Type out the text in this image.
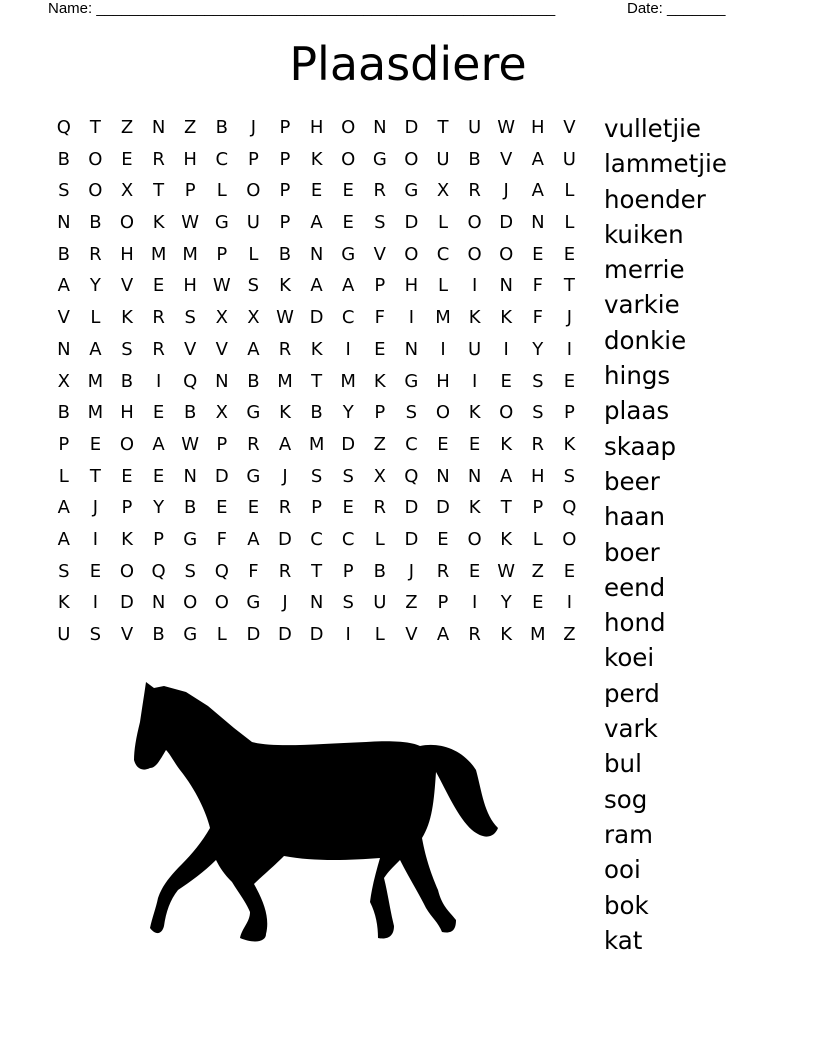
Name: _______________________________________________________	Date: _______
Plaasdiere
Q	T	Z	N	Z	B	J	P	H O N D	T	U W H	V
B	O	E	R	H	C	P	P	K	O G O U	B	V	A	U
S	O	X	T	P	L	O	P	E	E	R	G	X	R	J	A	L
N	B	O	K W G	U	P	A	E	S	D	L	O D N	L
B	R	H M M	P	L	B	N G	V	O	C	O O	E	E
A	Y	V	E	H W S	K	A	A	P	H	L	I	N	F	T
V	L	K	R	S	X	X W D	C	F	I	M K	K	F	J
N	A	S	R	V	V	A	R	K	I	E	N	I	U	I	Y	I
X M B	I	Q N	B M	T	M K	G H	I	E	S	E
B M H	E	B	X	G	K	B	Y	P	S	O	K	O	S	P
P	E	O	A W P	R	A M D	Z	C	E	E	K	R	K
L	T	E	E	N D G	J	S	S	X	Q N	N	A	H	S
A	J	P	Y	B	E	E	R	P	E	R	D D	K	T	P	Q
A	I	K	P	G	F	A	D	C	C	L	D	E	O	K	L	O
S	E	O Q	S	Q	F	R	T	P	B	J	R	E W Z	E
K	I	D N O O G	J	N	S	U	Z	P	I	Y	E	I
U	S	V	B	G	L	D D D	I	L	V	A	R	K M Z
vulletjie
lammetjie
hoender
kuiken
merrie
varkie
donkie
hings
plaas
skaap
beer
haan
boer
eend
hond
koei
perd
vark
bul
sog
ram
ooi
bok
kat
